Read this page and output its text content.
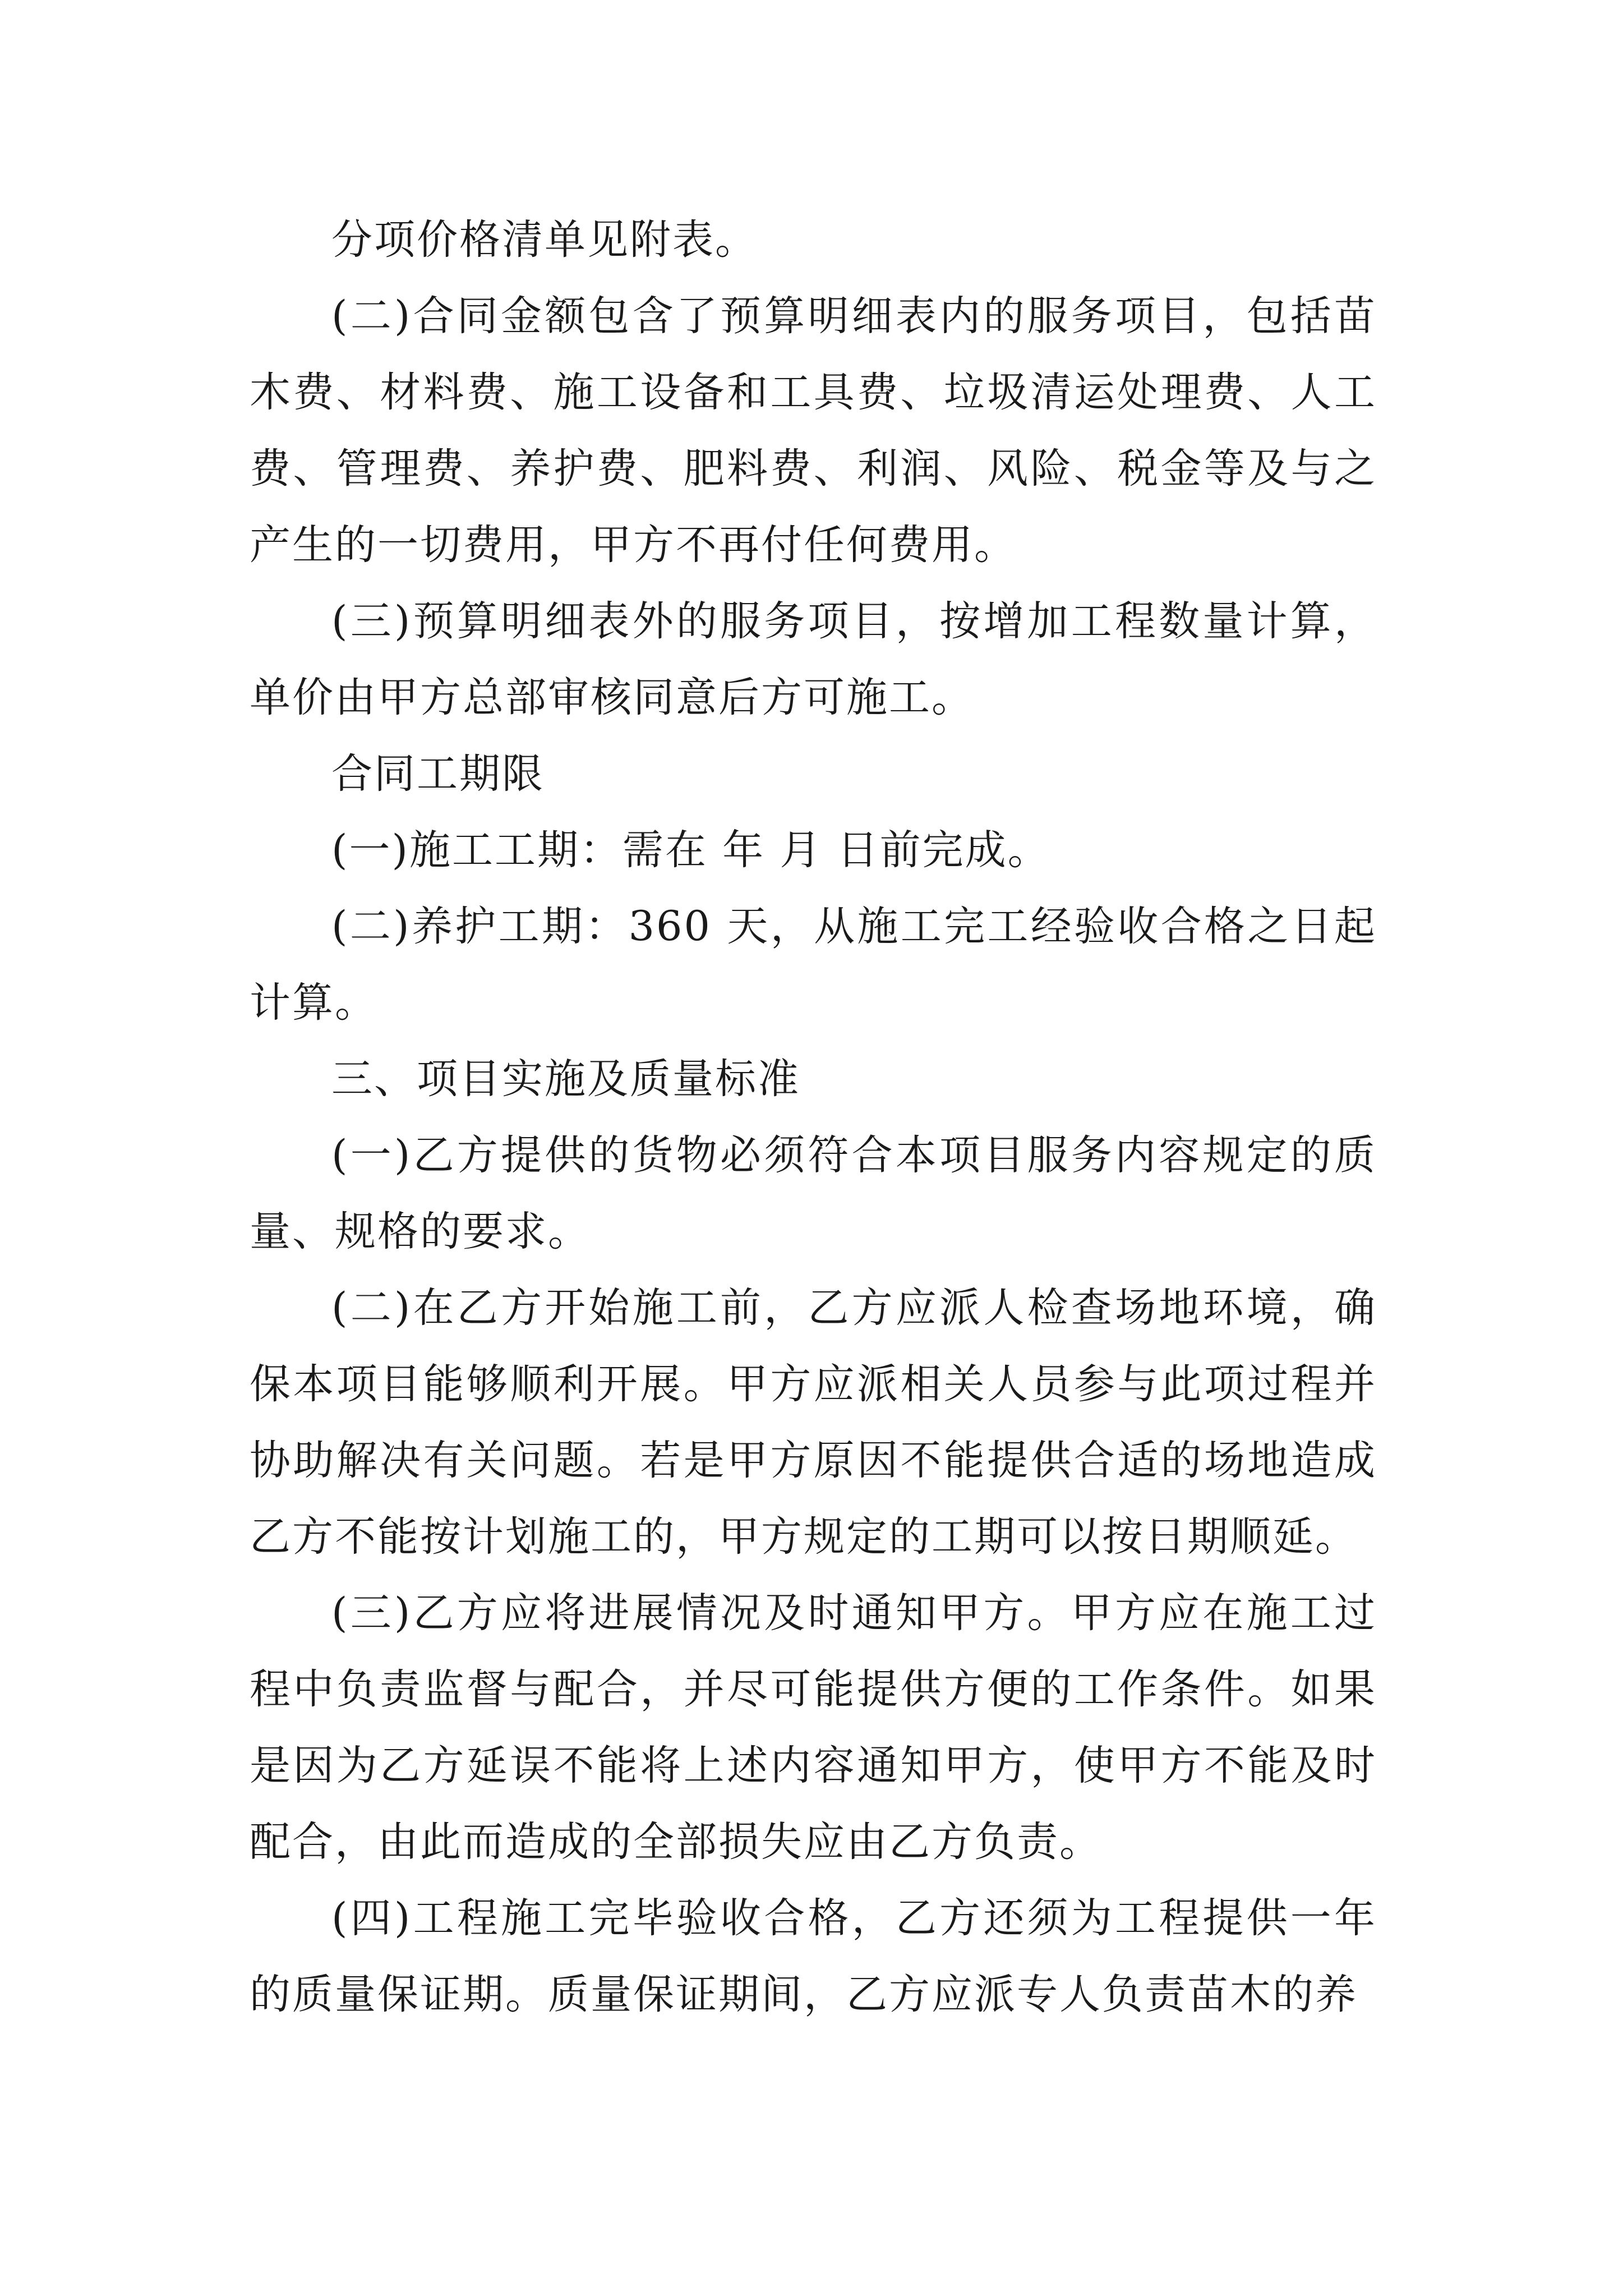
分项价格清单见附表。

(二)合同金额包含了预算明细表内的服务项目，包括苗木费、材料费、施工设备和工具费、垃圾清运处理费、人工费、管理费、养护费、肥料费、利润、风险、税金等及与之产生的一切费用，甲方不再付任何费用。

(三)预算明细表外的服务项目，按增加工程数量计算，单价由甲方总部审核同意后方可施工。

合同工期限

(一)施工工期：需在 年 月 日前完成。

(二)养护工期：360 天，从施工完工经验收合格之日起计算。

三、项目实施及质量标准

(一)乙方提供的货物必须符合本项目服务内容规定的质量、规格的要求。

(二)在乙方开始施工前，乙方应派人检查场地环境，确保本项目能够顺利开展。甲方应派相关人员参与此项过程并协助解决有关问题。若是甲方原因不能提供合适的场地造成乙方不能按计划施工的，甲方规定的工期可以按日期顺延。

(三)乙方应将进展情况及时通知甲方。甲方应在施工过程中负责监督与配合，并尽可能提供方便的工作条件。如果是因为乙方延误不能将上述内容通知甲方，使甲方不能及时配合，由此而造成的全部损失应由乙方负责。

(四)工程施工完毕验收合格，乙方还须为工程提供一年的质量保证期。质量保证期间，乙方应派专人负责苗木的养
